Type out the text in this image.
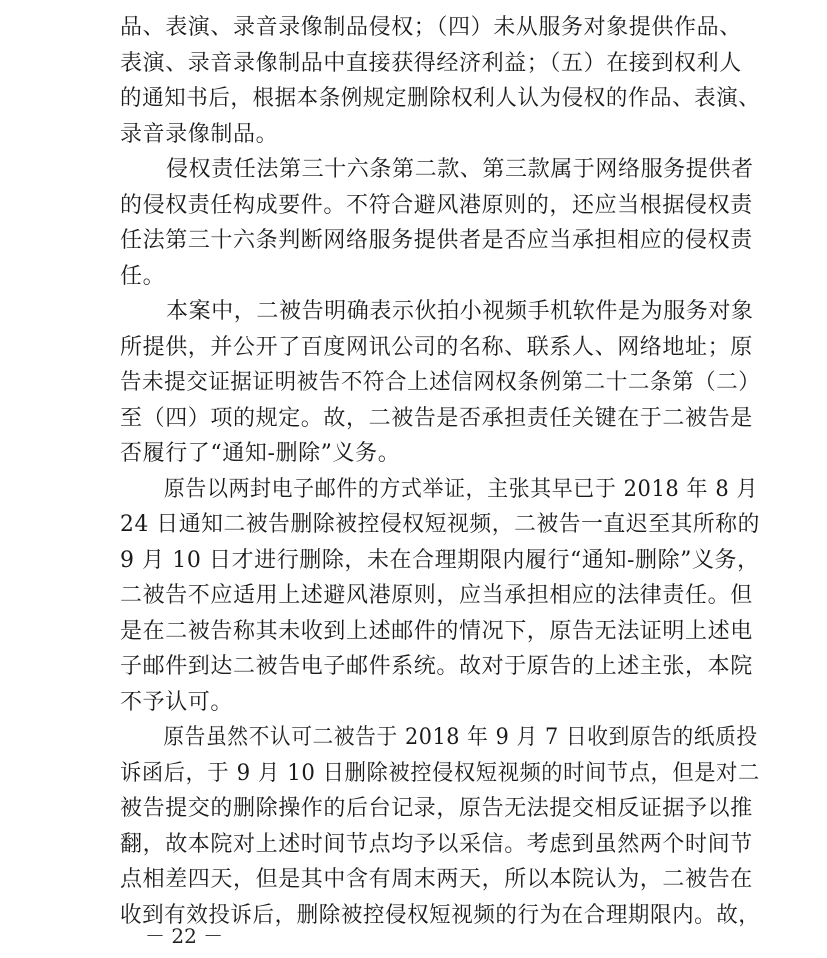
品、表演、录音录像制品侵权；（四）未从服务对象提供作品、
表演、录音录像制品中直接获得经济利益；（五）在接到权利人
的通知书后，根据本条例规定删除权利人认为侵权的作品、表演、
录音录像制品。
侵权责任法第三十六条第二款、第三款属于网络服务提供者
的侵权责任构成要件。不符合避风港原则的，还应当根据侵权责
任法第三十六条判断网络服务提供者是否应当承担相应的侵权责
任。
本案中，二被告明确表示伙拍小视频手机软件是为服务对象
所提供，并公开了百度网讯公司的名称、联系人、网络地址；原
告未提交证据证明被告不符合上述信网权条例第二十二条第（二）
至（四）项的规定。故，二被告是否承担责任关键在于二被告是
否履行了“通知-删除”义务。
原告以两封电子邮件的方式举证，主张其早已于 2018 年 8 月
24 日通知二被告删除被控侵权短视频，二被告一直迟至其所称的
9 月 10 日才进行删除，未在合理期限内履行“通知-删除”义务，
二被告不应适用上述避风港原则，应当承担相应的法律责任。但
是在二被告称其未收到上述邮件的情况下，原告无法证明上述电
子邮件到达二被告电子邮件系统。故对于原告的上述主张，本院
不予认可。
原告虽然不认可二被告于 2018 年 9 月 7 日收到原告的纸质投
诉函后，于 9 月 10 日删除被控侵权短视频的时间节点，但是对二
被告提交的删除操作的后台记录，原告无法提交相反证据予以推
翻，故本院对上述时间节点均予以采信。考虑到虽然两个时间节
点相差四天，但是其中含有周末两天，所以本院认为，二被告在
收到有效投诉后，删除被控侵权短视频的行为在合理期限内。故，
－ 22 －
